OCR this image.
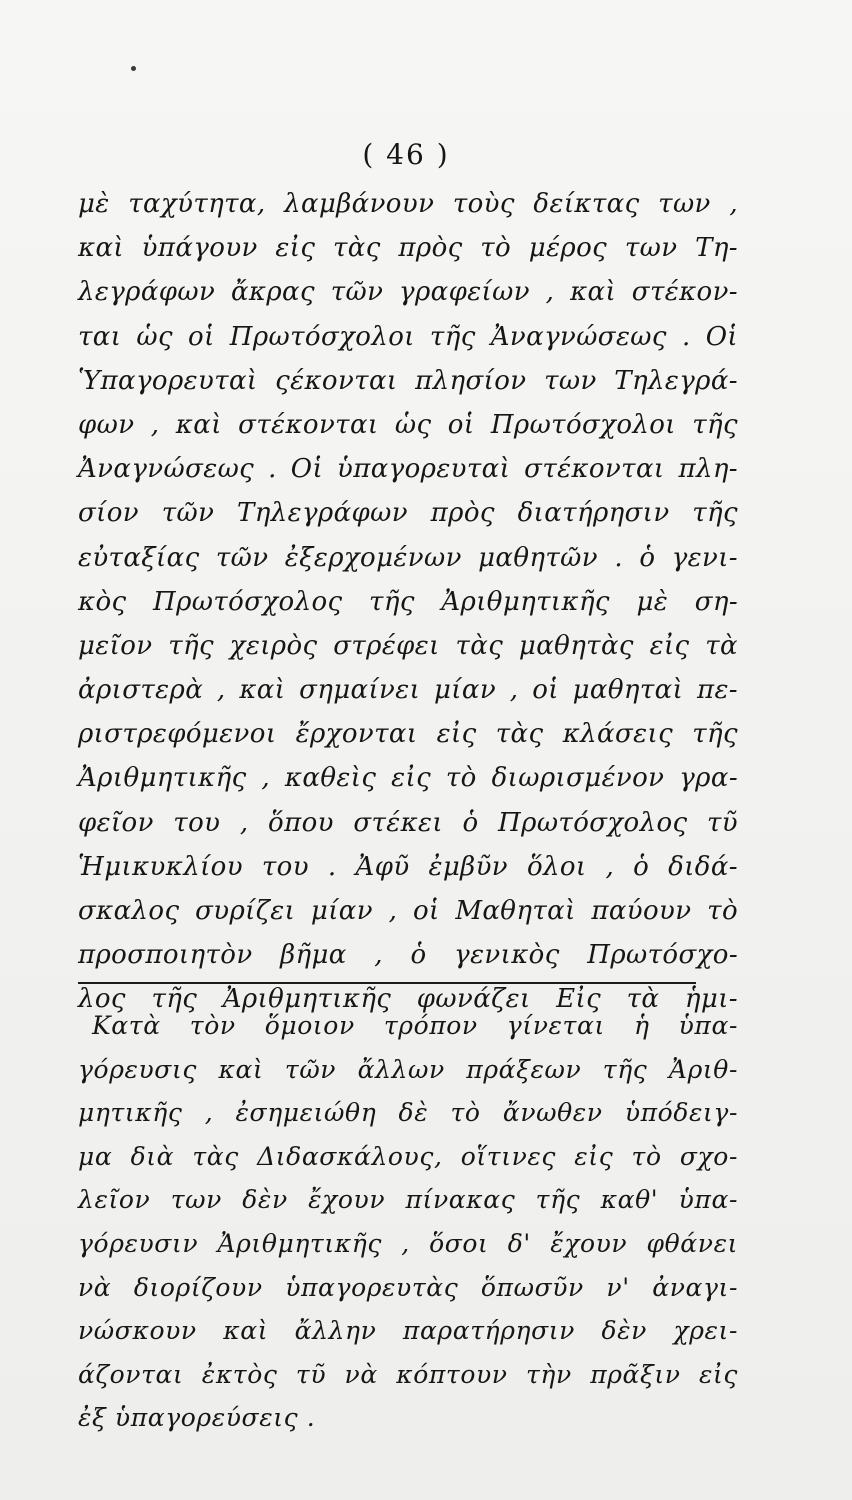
( 46 )
μὲ ταχύτητα, λαμβάνουν τοὺς δείκτας των ,
καὶ ὑπάγουν εἰς τὰς πρὸς τὸ μέρος των Τη-
λεγράφων ἄκρας τῶν γραφείων , καὶ στέκον-
ται ὡς οἱ Πρωτόσχολοι τῆς Ἀναγνώσεως . Οἱ
Ὑπαγορευταὶ ςέκονται πλησίον των Τηλεγρά-
φων , καὶ στέκονται ὡς οἱ Πρωτόσχολοι τῆς
Ἀναγνώσεως . Οἱ ὑπαγορευταὶ στέκονται πλη-
σίον τῶν Τηλεγράφων πρὸς διατήρησιν τῆς
εὐταξίας τῶν ἐξερχομένων μαθητῶν . ὁ γενι-
κὸς Πρωτόσχολος τῆς Ἀριθμητικῆς μὲ ση-
μεῖον τῆς χειρὸς στρέφει τὰς μαθητὰς εἰς τὰ
ἀριστερὰ , καὶ σημαίνει μίαν , οἱ μαθηταὶ πε-
ριστρεφόμενοι ἔρχονται εἰς τὰς κλάσεις τῆς
Ἀριθμητικῆς , καθεὶς εἰς τὸ διωρισμένον γρα-
φεῖον του , ὅπου στέκει ὁ Πρωτόσχολος τῦ
Ἡμικυκλίου του . Ἀφῦ ἐμβῦν ὅλοι , ὁ διδά-
σκαλος συρίζει μίαν , οἱ Μαθηταὶ παύουν τὸ
προσποιητὸν βῆμα , ὁ γενικὸς Πρωτόσχο-
λος τῆς Ἀριθμητικῆς φωνάζει Εἰς τὰ ἡμι-
Κατὰ τὸν ὅμοιον τρόπον γίνεται ἡ ὑπα-
γόρευσις καὶ τῶν ἄλλων πράξεων τῆς Ἀριθ-
μητικῆς , ἐσημειώθη δὲ τὸ ἄνωθεν ὑπόδειγ-
μα διὰ τὰς Διδασκάλους, οἵτινες εἰς τὸ σχο-
λεῖον των δὲν ἔχουν πίνακας τῆς καθ' ὑπα-
γόρευσιν Ἀριθμητικῆς , ὅσοι δ' ἔχουν φθάνει
νὰ διορίζουν ὑπαγορευτὰς ὅπωσῦν ν' ἀναγι-
νώσκουν καὶ ἄλλην παρατήρησιν δὲν χρει-
άζονται ἐκτὸς τῦ νὰ κόπτουν τὴν πρᾶξιν εἰς
ἐξ ὑπαγορεύσεις .
